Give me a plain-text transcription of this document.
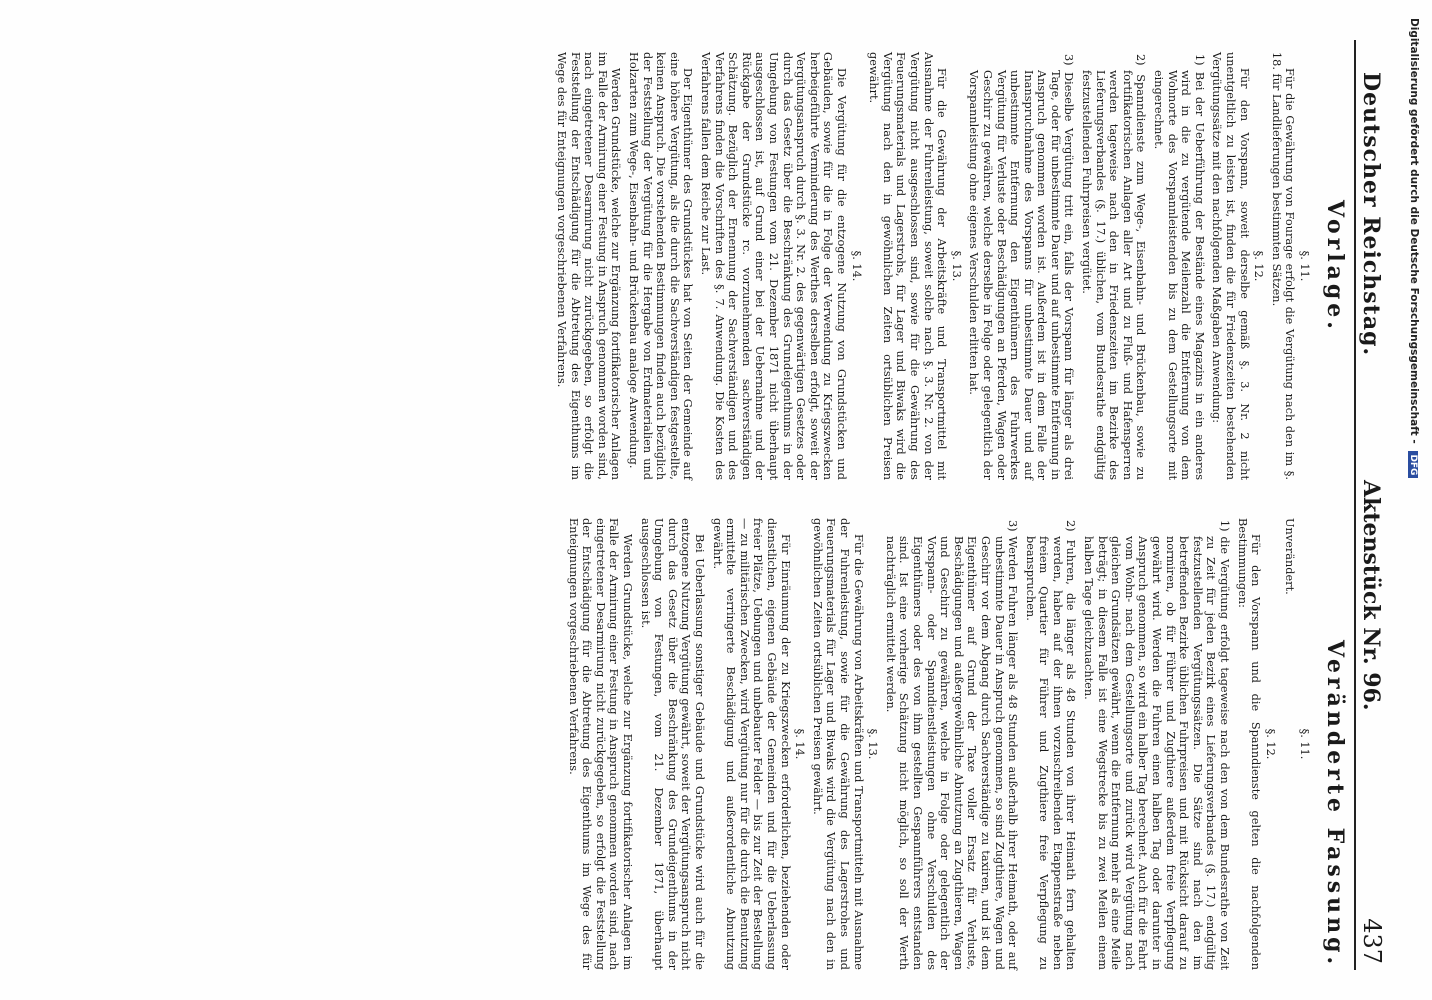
Deutscher Reichstag.
Aktenstück Nr. 96.
437
Vorlage.
Veränderte Fassung.

§. 11.

Für die Gewährung von Fourage erfolgt die Vergütung nach den im §. 18. für Landlieferungen bestimmten Sätzen.

§. 12.

Für den Vorspann, soweit derselbe gemäß §. 3. Nr. 2 nicht unentgeltlich zu leisten ist, finden die für Friedenszeiten bestehenden Vergütungssätze mit den nachfolgenden Maßgaben Anwendung:

1) Bei der Ueberführung der Bestände eines Magazins in ein anderes wird in die zu vergütende Meilenzahl die Entfernung von dem Wohnorte des Vorspannleistenden bis zu dem Gestellungsorte mit eingerechnet.

2) Spanndienste zum Wege-, Eisenbahn- und Brückenbau, sowie zu fortifikatorischen Anlagen aller Art und zu Fluß- und Hafensperren werden tageweise nach den in Friedenszeiten im Bezirke des Lieferungsverbandes (§. 17.) üblichen, vom Bundesrathe endgültig festzustellenden Fuhrpreisen vergütet.

3) Dieselbe Vergütung tritt ein, falls der Vorspann für länger als drei Tage, oder für unbestimmte Dauer und auf unbestimmte Entfernung in Anspruch genommen worden ist. Außerdem ist in dem Falle der Inanspruchnahme des Vorspanns für unbestimmte Dauer und auf unbestimmte Entfernung den Eigenthümern des Fuhrwerkes Vergütung für Verluste oder Beschädigungen an Pferden, Wagen oder Geschirr zu gewähren, welche derselbe in Folge oder gelegentlich der Vorspannleistung ohne eigenes Verschulden erlitten hat.

§. 13.

Für die Gewährung der Arbeitskräfte und Transportmittel mit Ausnahme der Fuhrenleistung, soweit solche nach §. 3. Nr. 2. von der Vergütung nicht ausgeschlossen sind, sowie für die Gewährung des Feuerungsmaterials und Lagerstrohs, für Lager und Biwaks wird die Vergütung nach den in gewöhnlichen Zeiten ortsüblichen Preisen gewährt.

§. 14.

Die Vergütung für die entzogene Nutzung von Grundstücken und Gebäuden, sowie für die in Folge der Verwendung zu Kriegszwecken herbeigeführte Verminderung des Werthes derselben erfolgt, soweit der Vergütungsanspruch durch §. 3. Nr. 2. des gegenwärtigen Gesetzes oder durch das Gesetz über die Beschränkung des Grundeigenthums in der Umgebung von Festungen vom 21. Dezember 1871 nicht überhaupt ausgeschlossen ist, auf Grund einer bei der Uebernahme und der Rückgabe der Grundstücke rc. vorzunehmenden sachverständigen Schätzung. Bezüglich der Ernennung der Sachverständigen und des Verfahrens finden die Vorschriften des §. 7. Anwendung. Die Kosten des Verfahrens fallen dem Reiche zur Last.

Der Eigenthümer des Grundstückes hat von Seiten der Gemeinde auf eine höhere Vergütung, als die durch die Sachverständigen festgestellte, keinen Anspruch. Die vorstehenden Bestimmungen finden auch bezüglich der Feststellung der Vergütung für die Hergabe von Erdmaterialien und Holzarten zum Wege-, Eisenbahn- und Brückenbau analoge Anwendung.

Werden Grundstücke, welche zur Ergänzung fortifikatorischer Anlagen im Falle der Armirung einer Festung in Anspruch genommen worden sind, nach eingetretener Desarmirung nicht zurückgegeben, so erfolgt die Feststellung der Entschädigung für die Abtretung des Eigenthums im Wege des für Enteignungen vorgeschriebenen Verfahrens.

§. 11.

Unverändert.

§. 12.

Für den Vorspann und die Spanndienste gelten die nachfolgenden Bestimmungen:

1) die Vergütung erfolgt tageweise nach den von dem Bundesrathe von Zeit zu Zeit für jeden Bezirk eines Lieferungsverbandes (§. 17.) endgültig festzustellenden Vergütungssätzen. Die Sätze sind nach den im betreffenden Bezirke üblichen Fuhrpreisen und mit Rücksicht darauf zu normiren, ob für Führer und Zugthiere außerdem freie Verpflegung gewährt wird. Werden die Fuhren einen halben Tag oder darunter in Anspruch genommen, so wird ein halber Tag berechnet. Auch für die Fahrt vom Wohn- nach dem Gestellungsorte und zurück wird Vergütung nach gleichen Grundsätzen gewährt, wenn die Entfernung mehr als eine Meile beträgt; in diesem Falle ist eine Wegstrecke bis zu zwei Meilen einem halben Tage gleichzuachten.

2) Fuhren, die länger als 48 Stunden von ihrer Heimath fern gehalten werden, haben auf der ihnen vorzuschreibenden Etappenstraße neben freiem Quartier für Führer und Zugthiere freie Verpflegung zu beanspruchen.

3) Werden Fuhren länger als 48 Stunden außerhalb ihrer Heimath, oder auf unbestimmte Dauer in Anspruch genommen, so sind Zugthiere, Wagen und Geschirr vor dem Abgang durch Sachverständige zu taxiren, und ist dem Eigenthümer auf Grund der Taxe voller Ersatz für Verluste, Beschädigungen und außergewöhnliche Abnutzung an Zugthieren, Wagen und Geschirr zu gewähren, welche in Folge oder gelegentlich der Vorspann- oder Spanndienstleistungen ohne Verschulden des Eigenthümers oder des von ihm gestellten Gespannführers entstanden sind. Ist eine vorherige Schätzung nicht möglich, so soll der Werth nachträglich ermittelt werden.

§. 13.

Für die Gewährung von Arbeitskräften und Transportmitteln mit Ausnahme der Fuhrenleistung, sowie für die Gewährung des Lagerstrohes und Feuerungsmaterials für Lager und Biwaks wird die Vergütung nach den in gewöhnlichen Zeiten ortsüblichen Preisen gewährt.

§. 14.

Für Einräumung der zu Kriegszwecken erforderlichen, beziehenden oder dienstlichen, eigenen Gebäude der Gemeinden und für die Ueberlassung freier Plätze, Uebungen und unbebauter Felder — bis zur Zeit der Bestellung — zu militärischen Zwecken, wird Vergütung nur für die durch die Benutzung ermittelte verringerte Beschädigung und außerordentliche Abnutzung gewährt.

Bei Ueberlassung sonstiger Gebäude und Grundstücke wird auch für die entzogene Nutzung Vergütung gewährt, soweit der Vergütungsanspruch nicht durch das Gesetz über die Beschränkung des Grundeigenthums in der Umgebung von Festungen, vom 21. Dezember 1871, überhaupt ausgeschlossen ist.

Werden Grundstücke, welche zur Ergänzung fortifikatorischer Anlagen im Falle der Armirung einer Festung in Anspruch genommen worden sind, nach eingetretener Desarmirung nicht zurückgegeben, so erfolgt die Feststellung der Entschädigung für die Abtretung des Eigenthums im Wege des für Enteignungen vorgeschriebenen Verfahrens.

Digitalisierung gefördert durch die Deutsche Forschungsgemeinschaft - DFG
